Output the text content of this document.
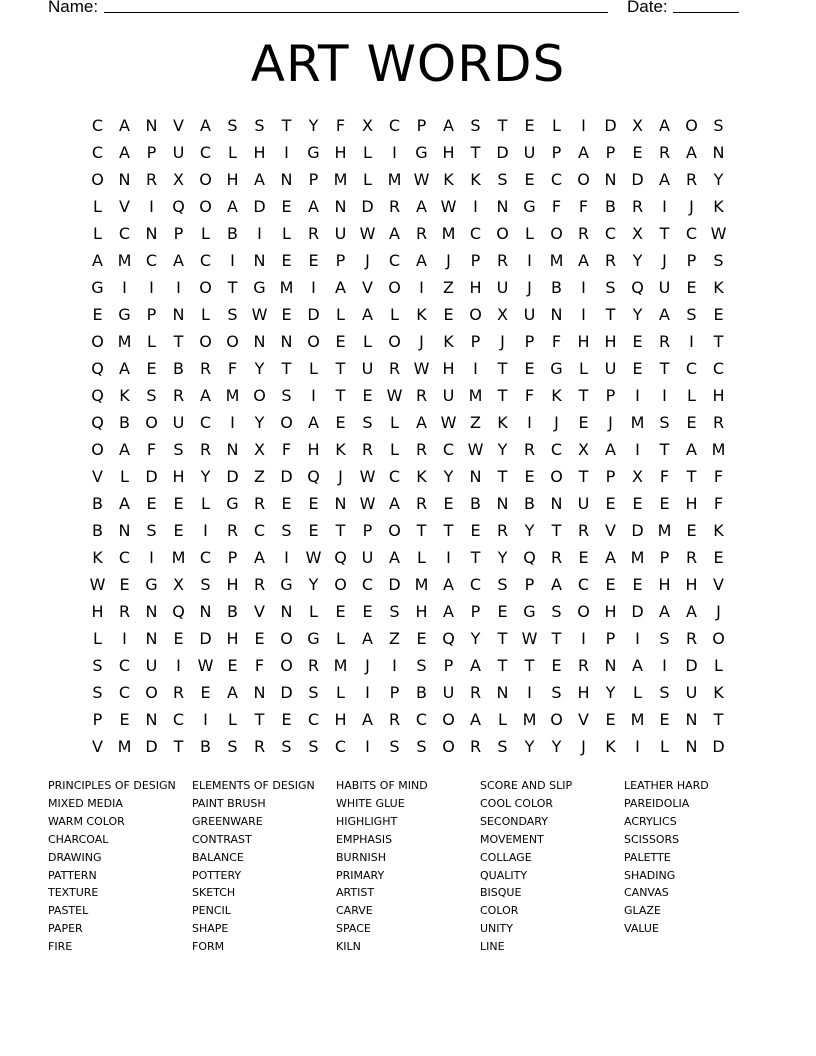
Name:	Date:
ART WORDS
C A N V	A	S	S	T	Y	F	X C	P	A	S	T	E	L	I	D X	A O S
C A	P	U C	L	H	I	G H	L	I	G H	T D U	P	A	P	E	R A N
O N R X O H A N	P M L M W K	K	S	E	C O N D A R	Y
L	V	I	Q O A D E	A N D R A W	I	N G	F	F	B R	I	J	K
L	C N	P	L	B	I	L	R U W A R M C O	L	O R C X	T	C W
A M C A C	I	N E	E	P	J	C A	J	P	R	I	M A R	Y	J	P	S
G	I	I	I	O T G M	I	A	V O	I	Z H U	J	B	I	S Q U	E	K
E G P	N	L	S W E D	L	A	L	K	E O X U N	I	T	Y	A	S	E
O M L	T O O N N O E	L	O	J	K	P	J	P	F	H H E	R	I	T
Q A	E	B R	F	Y	T	L	T	U R W H	I	T	E G	L	U	E	T	C C
Q K	S	R A M O S	I	T	E W R U M T	F	K	T	P	I	I	L	H
Q B O U C	I	Y O A	E	S	L	A W Z	K	I	J	E	J	M S	E	R
O A	F	S	R N X	F	H K	R	L	R C W Y	R C X	A	I	T	A M
V	L	D H	Y D Z D Q	J	W C	K	Y	N	T	E O T	P	X	F	T	F
B	A	E	E	L	G R	E	E N W A R	E	B N B N U	E	E	E H	F
B N S	E	I	R C	S	E	T	P O T	T	E	R	Y	T	R V D M E	K
K	C	I	M C	P	A	I	W Q U A	L	I	T	Y Q R	E	A M P	R	E
W E G X	S H R G Y O C D M A C	S	P	A C	E	E H H V
H R N Q N B	V N	L	E	E	S H A	P	E G S O H D A	A	J
L	I	N E D H E O G	L	A	Z	E Q Y	T W T	I	P	I	S	R O
S	C U	I	W E	F	O R M	J	I	S	P	A	T	T	E	R N A	I	D	L
S	C O R	E	A N D S	L	I	P	B U R N	I	S H	Y	L	S	U K
P	E N C	I	L	T	E	C H A R C O A	L M O V	E M E N	T
V M D T	B	S	R	S	S	C	I	S	S O R	S	Y	Y	J	K	I	L	N D
PRINCIPLES OF DESIGN
MIXED MEDIA
WARM COLOR
CHARCOAL
DRAWING
PATTERN
TEXTURE
PASTEL
PAPER
FIRE
ELEMENTS OF DESIGN
PAINT BRUSH
GREENWARE
CONTRAST
BALANCE
POTTERY
SKETCH
PENCIL
SHAPE
FORM
HABITS OF MIND
WHITE GLUE
HIGHLIGHT
EMPHASIS
BURNISH
PRIMARY
ARTIST
CARVE
SPACE
KILN
SCORE AND SLIP
COOL COLOR
SECONDARY
MOVEMENT
COLLAGE
QUALITY
BISQUE
COLOR
UNITY
LINE
LEATHER HARD
PAREIDOLIA
ACRYLICS
SCISSORS
PALETTE
SHADING
CANVAS
GLAZE
VALUE
